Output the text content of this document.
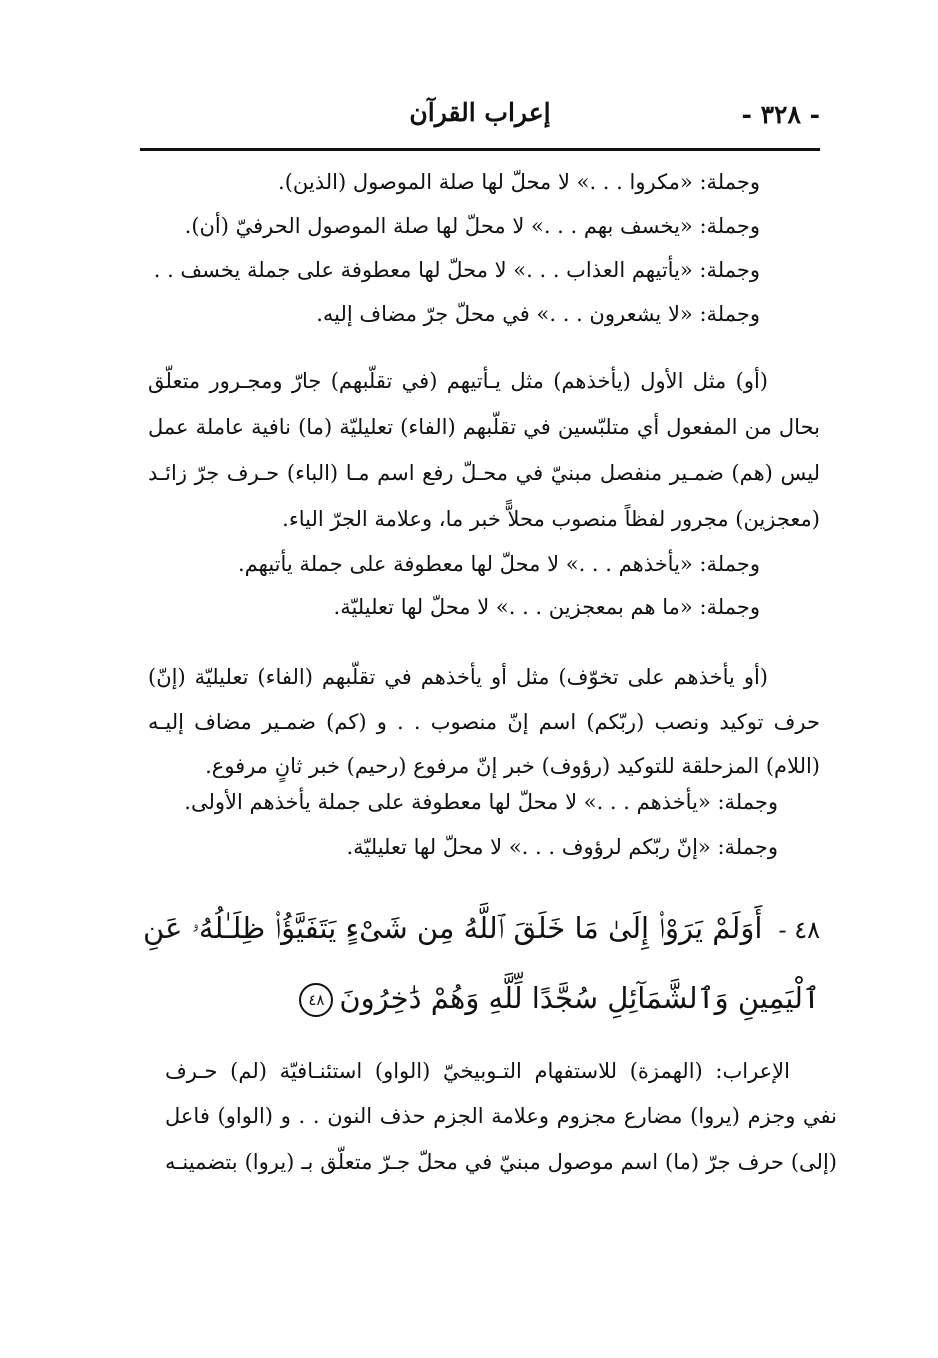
- ٣٢٨ -
إعراب القرآن
وجملة: «مكروا . . .» لا محلّ لها صلة الموصول (الذين).
وجملة: «يخسف بهم . . .» لا محلّ لها صلة الموصول الحرفيّ (أن).
وجملة: «يأتيهم العذاب . . .» لا محلّ لها معطوفة على جملة يخسف . .
وجملة: «لا يشعرون . . .» في محلّ جرّ مضاف إليه.
(أو) مثل الأول (يأخذهم) مثل يـأتيهم (في تقلّبهم) جارّ ومجـرور متعلّق
بحال من المفعول أي متلبّسين في تقلّبهم (الفاء) تعليليّة (ما) نافية عاملة عمل
ليس (هم) ضمـير منفصل مبنيّ في محـلّ رفع اسم مـا (الباء) حـرف جرّ زائـد
(معجزين) مجرور لفظاً منصوب محلاًّ خبر ما، وعلامة الجرّ الياء.
وجملة: «يأخذهم . . .» لا محلّ لها معطوفة على جملة يأتيهم.
وجملة: «ما هم بمعجزين . . .» لا محلّ لها تعليليّة.
(أو يأخذهم على تخوّف) مثل أو يأخذهم في تقلّبهم (الفاء) تعليليّة (إنّ)
حرف توكيد ونصب (ربّكم) اسم إنّ منصوب . . و (كم) ضمـير مضاف إليـه
(اللام) المزحلقة للتوكيد (رؤوف) خبر إنّ مرفوع (رحيم) خبر ثانٍ مرفوع.
وجملة: «يأخذهم . . .» لا محلّ لها معطوفة على جملة يأخذهم الأولى.
وجملة: «إنّ ربّكم لرؤوف . . .» لا محلّ لها تعليليّة.
٤٨ -أَوَلَمْ يَرَوْا۟ إِلَىٰ مَا خَلَقَ ٱللَّهُ مِن شَىْءٍ يَتَفَيَّؤُا۟ ظِلَـٰلُهُۥ عَنِ
ٱلْيَمِينِ وَٱلشَّمَآئِلِ سُجَّدًا لِّلَّهِ وَهُمْ دَٰخِرُونَ٤٨
الإعراب: (الهمزة) للاستفهام التـوبيخيّ (الواو) استئنـافيّة (لم) حـرف
نفي وجزم (يروا) مضارع مجزوم وعلامة الجزم حذف النون . . و (الواو) فاعل
(إلى) حرف جرّ (ما) اسم موصول مبنيّ في محلّ جـرّ متعلّق بـ (يروا) بتضمينـه
